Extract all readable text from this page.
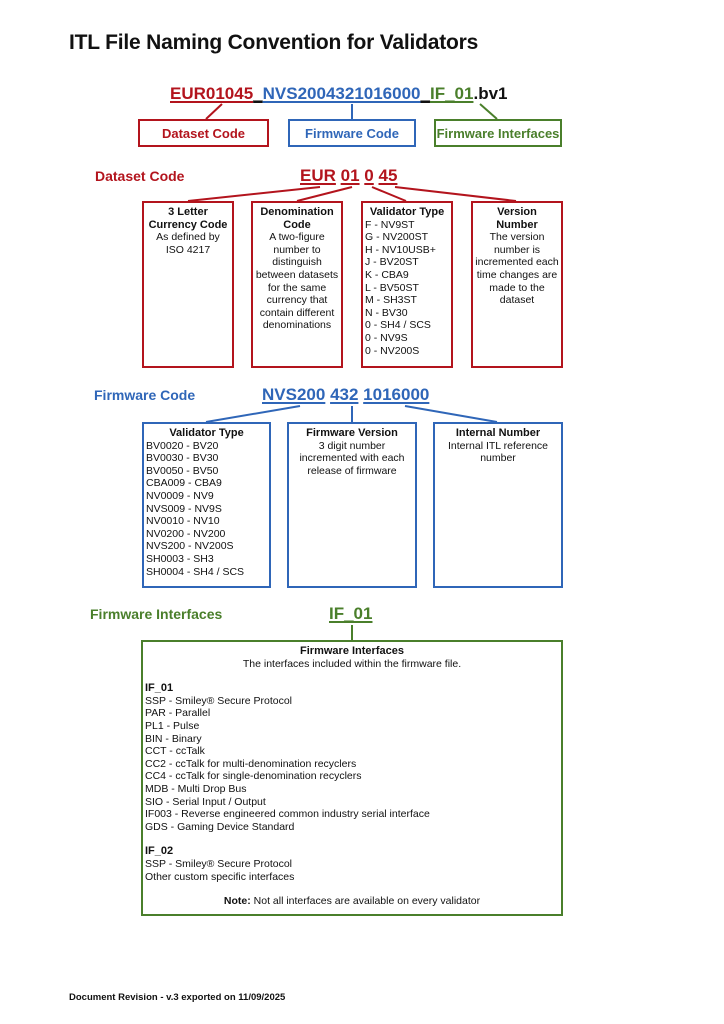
ITL File Naming Convention for Validators
EUR01045_NVS2004321016000_IF_01.bv1
Dataset Code	Firmware Code	Firmware Interfaces
Dataset Code	EUR 01 0 45
3 Letter Currency Code
As defined by ISO 4217
Denomination Code
A two-figure number to distinguish between datasets for the same currency that contain different denominations
Validator Type
F - NV9ST
G - NV200ST
H - NV10USB+
J - BV20ST
K - CBA9
L - BV50ST
M - SH3ST
N - BV30
0 - SH4 / SCS
0 - NV9S
0 - NV200S
Version Number
The version number is incremented each time changes are made to the dataset
Firmware Code	NVS200 432 1016000
Validator Type
BV0020 - BV20
BV0030 - BV30
BV0050 - BV50
CBA009 - CBA9
NV0009 - NV9
NVS009 - NV9S
NV0010 - NV10
NV0200 - NV200
NVS200 - NV200S
SH0003 - SH3
SH0004 - SH4 / SCS
Firmware Version
3 digit number incremented with each release of firmware
Internal Number
Internal ITL reference number
Firmware Interfaces	IF_01
Firmware Interfaces
The interfaces included within the firmware file.
IF_01
SSP - Smiley® Secure Protocol
PAR - Parallel
PL1 - Pulse
BIN - Binary
CCT - ccTalk
CC2 - ccTalk for multi-denomination recyclers
CC4 - ccTalk for single-denomination recyclers
MDB - Multi Drop Bus
SIO - Serial Input / Output
IF003 - Reverse engineered common industry serial interface
GDS - Gaming Device Standard
IF_02
SSP - Smiley® Secure Protocol
Other custom specific interfaces
Note: Not all interfaces are available on every validator
Document Revision - v.3 exported on 11/09/2025
